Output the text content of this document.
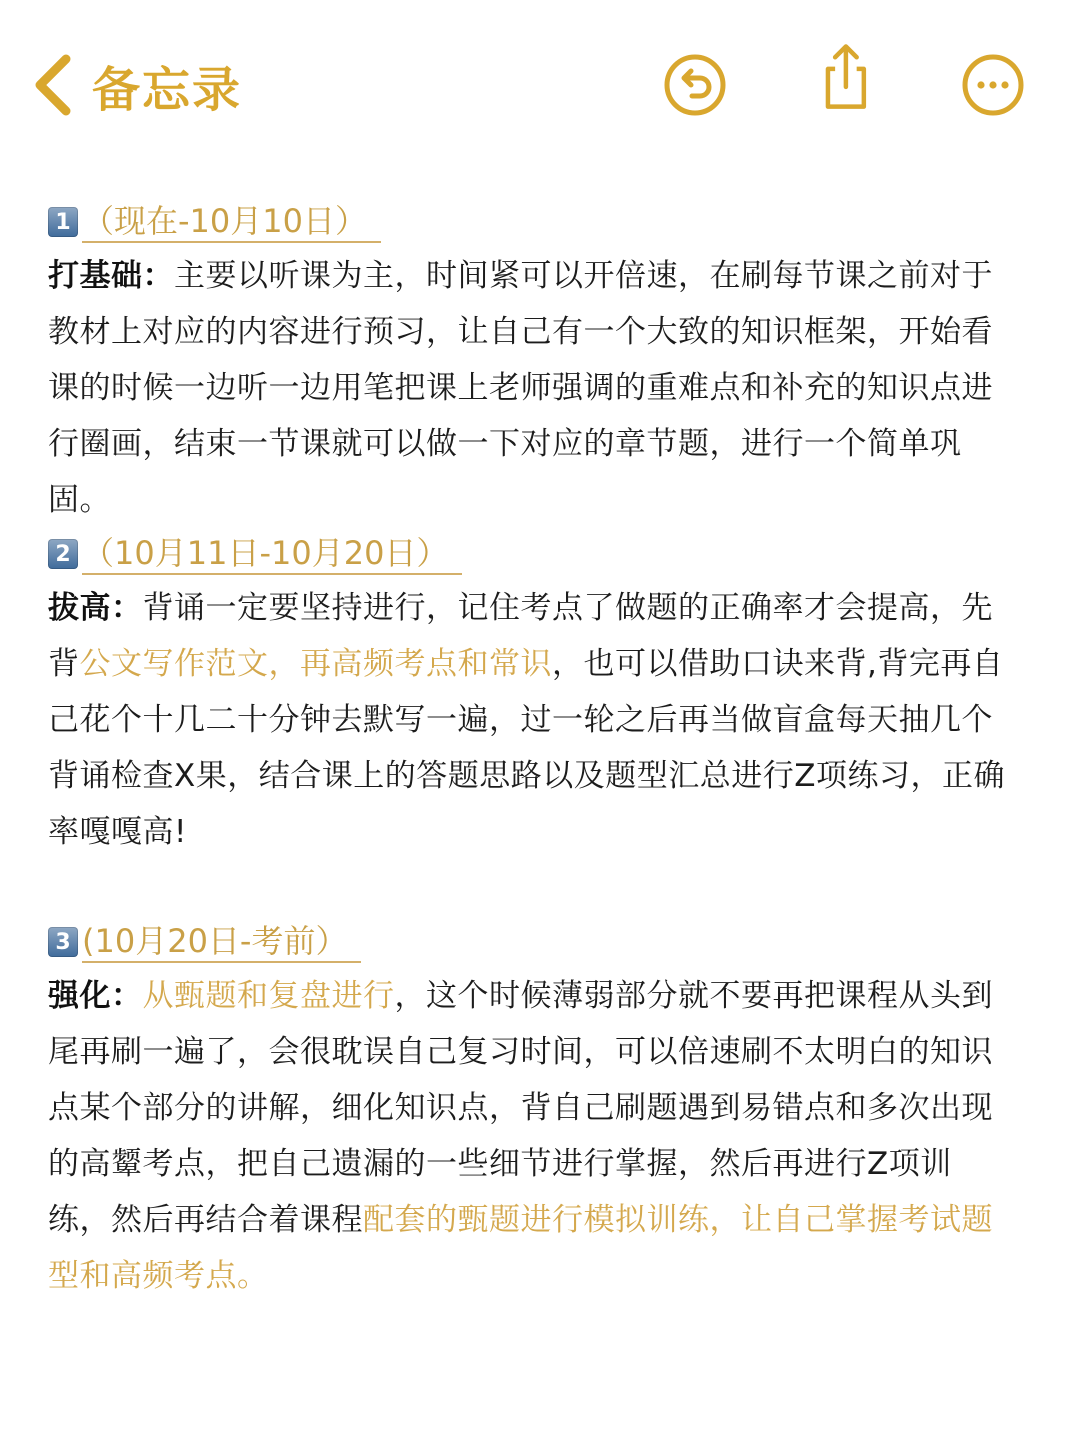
备忘录
1 （现在-10月10日）

打基础：主要以听课为主，时间紧可以开倍速，在刷每节课之前对于教材上对应的内容进行预习，让自己有一个大致的知识框架，开始看课的时候一边听一边用笔把课上老师强调的重难点和补充的知识点进行圈画，结束一节课就可以做一下对应的章节题，进行一个简单巩固。

2 （10月11日-10月20日）

拔高：背诵一定要坚持进行，记住考点了做题的正确率才会提高，先背公文写作范文，再高频考点和常识，也可以借助口诀来背,背完再自己花个十几二十分钟去默写一遍，过一轮之后再当做盲盒每天抽几个背诵检查X果，结合课上的答题思路以及题型汇总进行Z项练习，正确率嘎嘎高!

3 (10月20日-考前）

强化：从甄题和复盘进行，这个时候薄弱部分就不要再把课程从头到尾再刷一遍了，会很耽误自己复习时间，可以倍速刷不太明白的知识点某个部分的讲解，细化知识点，背自己刷题遇到易错点和多次出现的高颦考点，把自己遗漏的一些细节进行掌握，然后再进行Z项训练，然后再结合着课程配套的甄题进行模拟训练，让自己掌握考试题型和高频考点。
